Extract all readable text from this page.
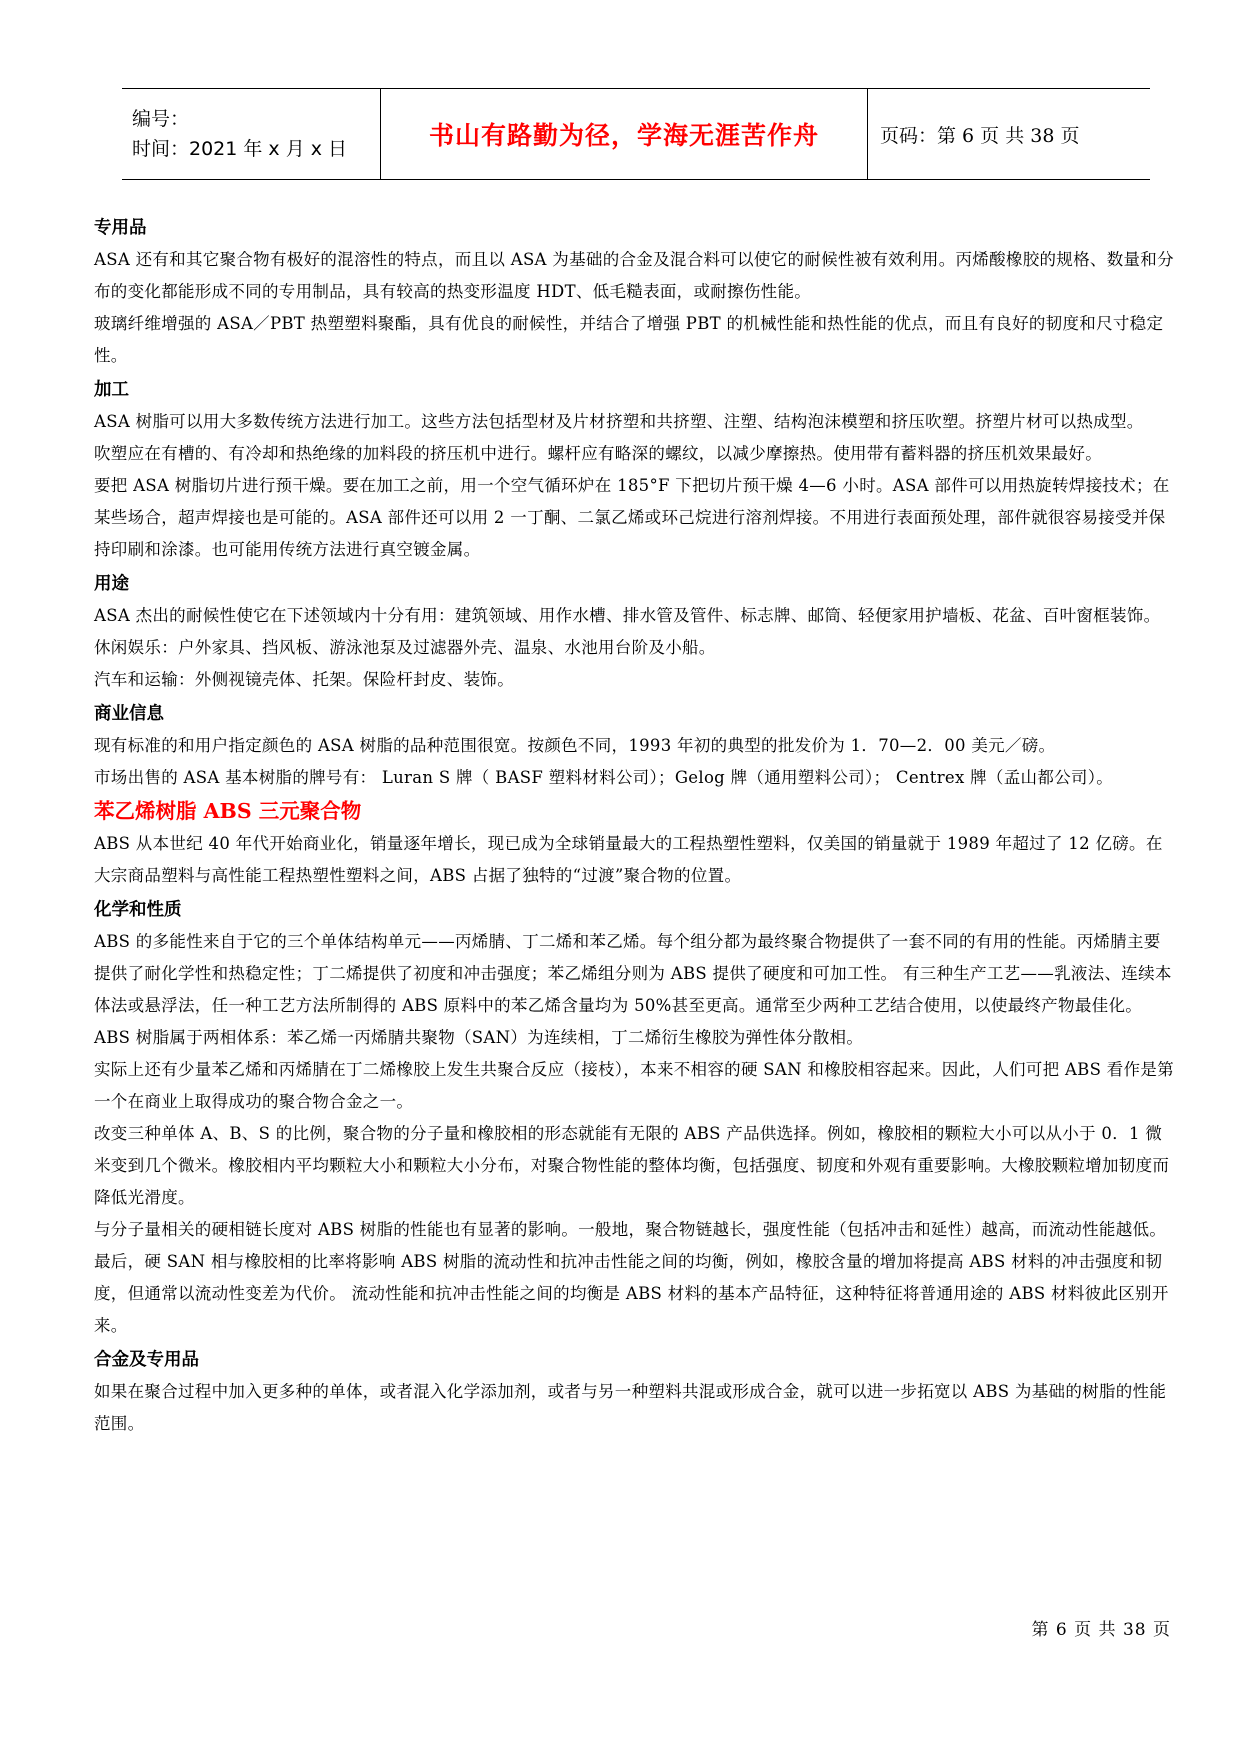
编号：
时间：2021 年 x 月 x 日	书山有路勤为径，学海无涯苦作舟	页码：第 6 页 共 38 页
专用品
ASA 还有和其它聚合物有极好的混溶性的特点，而且以 ASA 为基础的合金及混合料可以使它的耐候性被有效利用。丙烯酸橡胶的规格、数量和分布的变化都能形成不同的专用制品，具有较高的热变形温度 HDT、低毛糙表面，或耐擦伤性能。
玻璃纤维增强的 ASA／PBT 热塑塑料聚酯，具有优良的耐候性，并结合了增强 PBT 的机械性能和热性能的优点，而且有良好的韧度和尺寸稳定性。
加工
ASA 树脂可以用大多数传统方法进行加工。这些方法包括型材及片材挤塑和共挤塑、注塑、结构泡沫模塑和挤压吹塑。挤塑片材可以热成型。
吹塑应在有槽的、有冷却和热绝缘的加料段的挤压机中进行。螺杆应有略深的螺纹，以减少摩擦热。使用带有蓄料器的挤压机效果最好。
要把 ASA 树脂切片进行预干燥。要在加工之前，用一个空气循环炉在 185°F 下把切片预干燥 4—6 小时。ASA 部件可以用热旋转焊接技术；在某些场合，超声焊接也是可能的。ASA 部件还可以用 2 一丁酮、二氯乙烯或环己烷进行溶剂焊接。不用进行表面预处理，部件就很容易接受并保持印刷和涂漆。也可能用传统方法进行真空镀金属。
用途
ASA 杰出的耐候性使它在下述领域内十分有用：建筑领域、用作水槽、排水管及管件、标志牌、邮筒、轻便家用护墙板、花盆、百叶窗框装饰。
休闲娱乐：户外家具、挡风板、游泳池泵及过滤器外壳、温泉、水池用台阶及小船。
汽车和运输：外侧视镜壳体、托架。保险杆封皮、装饰。
商业信息
现有标准的和用户指定颜色的 ASA 树脂的品种范围很宽。按颜色不同，1993 年初的典型的批发价为 1．70—2．00 美元／磅。
市场出售的 ASA 基本树脂的牌号有： Luran S 牌（ BASF 塑料材料公司）；Gelog 牌（通用塑料公司）； Centrex 牌（孟山都公司）。
苯乙烯树脂 ABS 三元聚合物
ABS 从本世纪 40 年代开始商业化，销量逐年增长，现已成为全球销量最大的工程热塑性塑料，仅美国的销量就于 1989 年超过了 12 亿磅。在大宗商品塑料与高性能工程热塑性塑料之间，ABS 占据了独特的“过渡”聚合物的位置。
化学和性质
ABS 的多能性来自于它的三个单体结构单元——丙烯腈、丁二烯和苯乙烯。每个组分都为最终聚合物提供了一套不同的有用的性能。丙烯腈主要提供了耐化学性和热稳定性；丁二烯提供了初度和冲击强度；苯乙烯组分则为 ABS 提供了硬度和可加工性。 有三种生产工艺——乳液法、连续本体法或悬浮法，任一种工艺方法所制得的 ABS 原料中的苯乙烯含量均为 50%甚至更高。通常至少两种工艺结合使用，以使最终产物最佳化。ABS 树脂属于两相体系：苯乙烯一丙烯腈共聚物（SAN）为连续相，丁二烯衍生橡胶为弹性体分散相。
实际上还有少量苯乙烯和丙烯腈在丁二烯橡胶上发生共聚合反应（接枝），本来不相容的硬 SAN 和橡胶相容起来。因此，人们可把 ABS 看作是第一个在商业上取得成功的聚合物合金之一。
改变三种单体 A、B、S 的比例，聚合物的分子量和橡胶相的形态就能有无限的 ABS 产品供选择。例如，橡胶相的颗粒大小可以从小于 0．1 微米变到几个微米。橡胶相内平均颗粒大小和颗粒大小分布，对聚合物性能的整体均衡，包括强度、韧度和外观有重要影响。大橡胶颗粒增加韧度而降低光滑度。
与分子量相关的硬相链长度对 ABS 树脂的性能也有显著的影响。一般地，聚合物链越长，强度性能（包括冲击和延性）越高，而流动性能越低。
最后，硬 SAN 相与橡胶相的比率将影响 ABS 树脂的流动性和抗冲击性能之间的均衡，例如，橡胶含量的增加将提高 ABS 材料的冲击强度和韧度，但通常以流动性变差为代价。 流动性能和抗冲击性能之间的均衡是 ABS 材料的基本产品特征，这种特征将普通用途的 ABS 材料彼此区别开来。
合金及专用品
如果在聚合过程中加入更多种的单体，或者混入化学添加剂，或者与另一种塑料共混或形成合金，就可以进一步拓宽以 ABS 为基础的树脂的性能范围。
第 6 页 共 38 页
